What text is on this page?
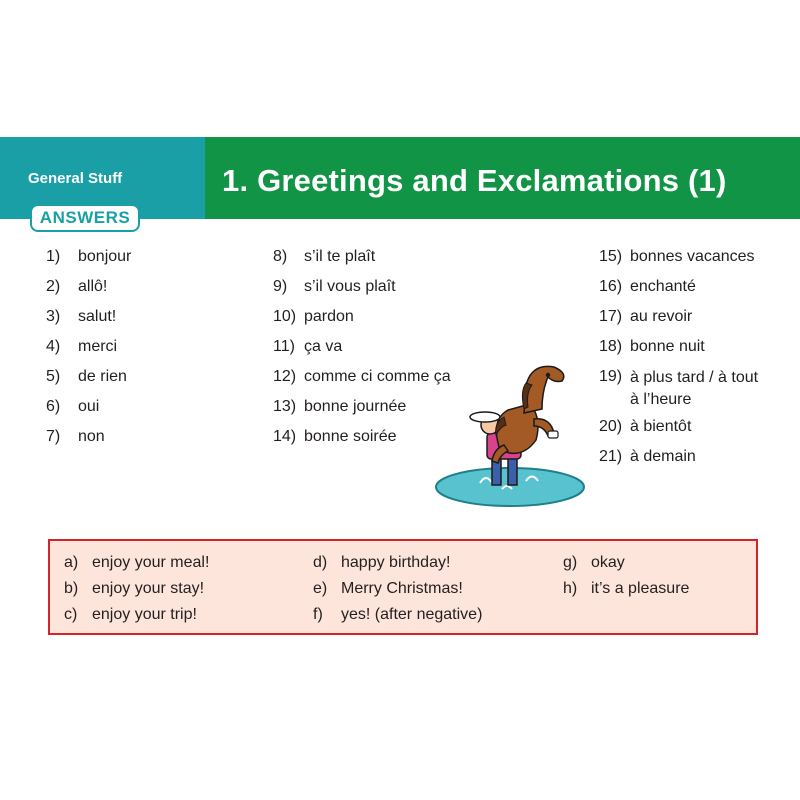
General Stuff	1. Greetings and Exclamations (1)
ANSWERS
1) bonjour
2) allô!
3) salut!
4) merci
5) de rien
6) oui
7) non
8) s’il te plaît
9) s’il vous plaît
10) pardon
11) ça va
12) comme ci comme ça
13) bonne journée
14) bonne soirée
15) bonnes vacances
16) enchanté
17) au revoir
18) bonne nuit
19) à plus tard / à tout à l’heure
20) à bientôt
21) à demain
a) enjoy your meal!
b) enjoy your stay!
c) enjoy your trip!
d) happy birthday!
e) Merry Christmas!
f) yes! (after negative)
g) okay
h) it’s a pleasure
